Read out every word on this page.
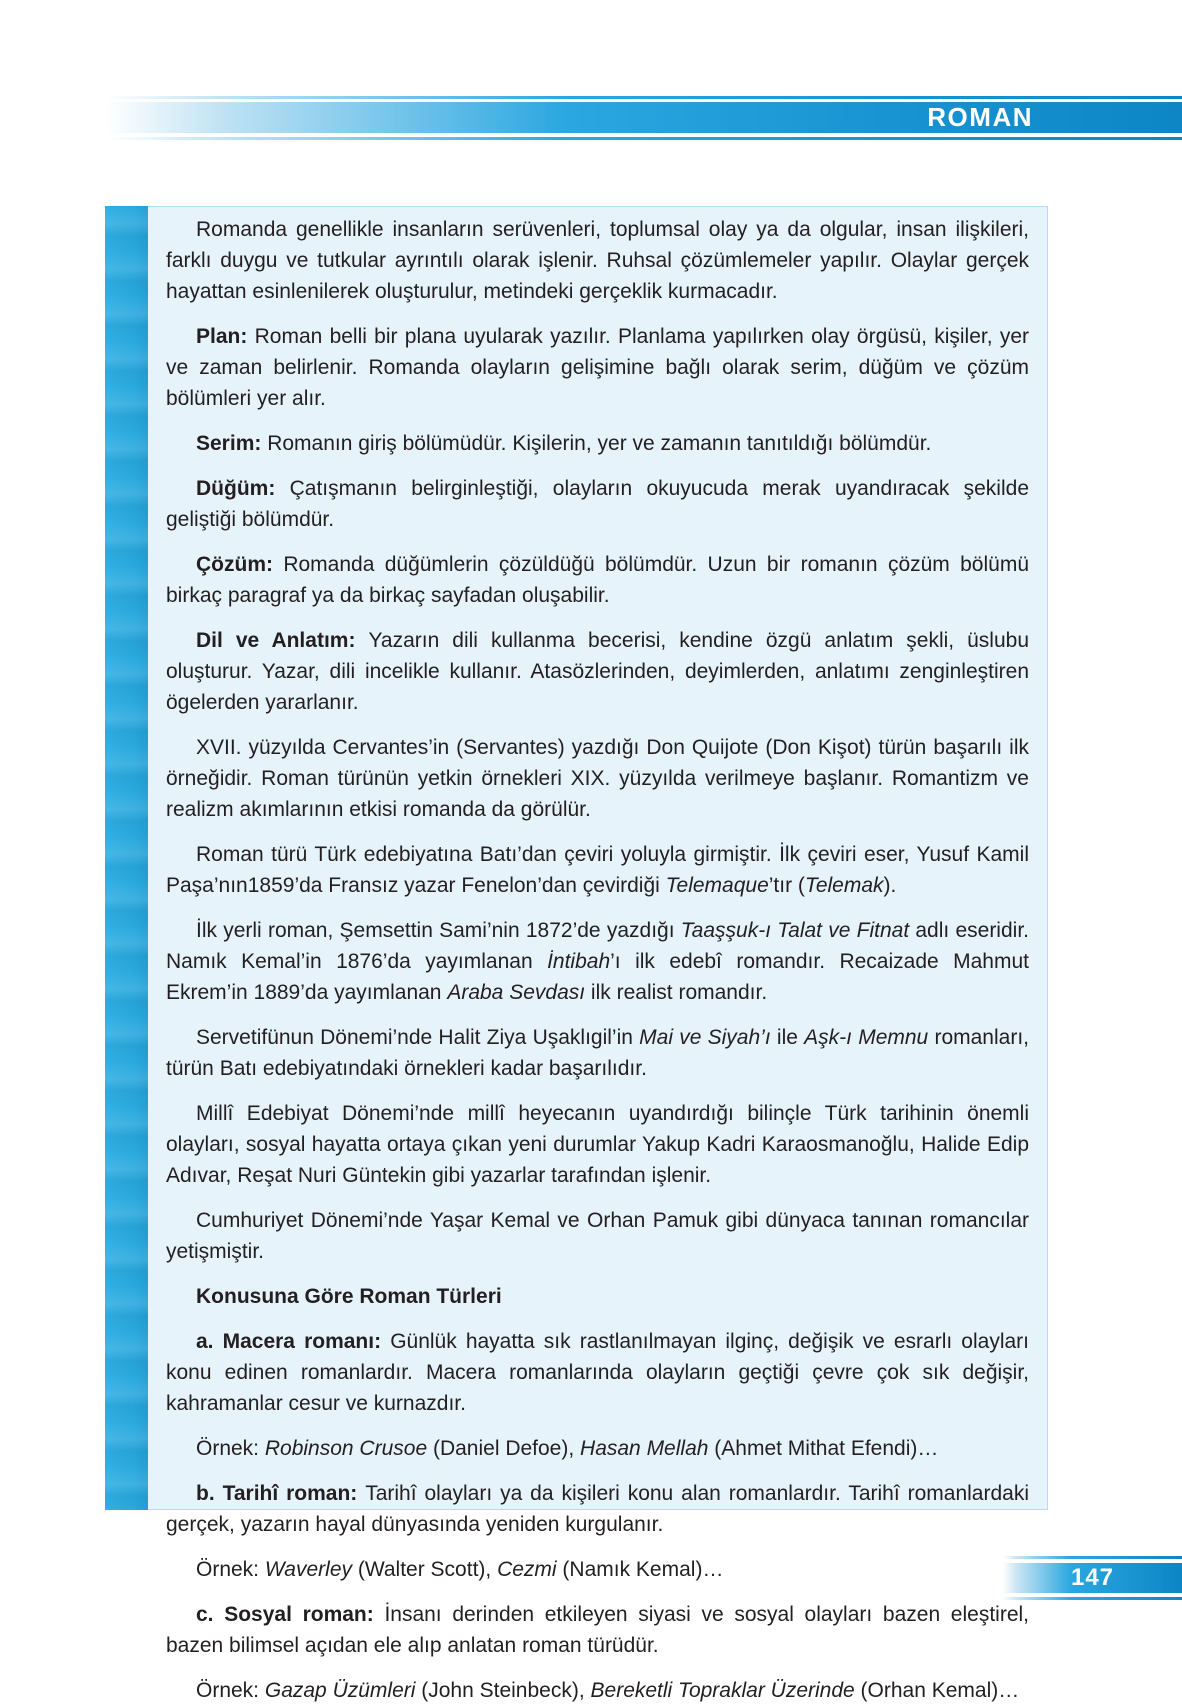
ROMAN

Romanda genellikle insanların serüvenleri, toplumsal olay ya da olgular, insan ilişkileri, farklı duygu ve tutkular ayrıntılı olarak işlenir. Ruhsal çözümlemeler yapılır. Olaylar gerçek hayattan esinlenilerek oluşturulur, metindeki gerçeklik kurmacadır.

Plan: Roman belli bir plana uyularak yazılır. Planlama yapılırken olay örgüsü, kişiler, yer ve zaman belirlenir. Romanda olayların gelişimine bağlı olarak serim, düğüm ve çözüm bölümleri yer alır.

Serim: Romanın giriş bölümüdür. Kişilerin, yer ve zamanın tanıtıldığı bölümdür.

Düğüm: Çatışmanın belirginleştiği, olayların okuyucuda merak uyandıracak şekilde geliştiği bölümdür.

Çözüm: Romanda düğümlerin çözüldüğü bölümdür. Uzun bir romanın çözüm bölümü birkaç paragraf ya da birkaç sayfadan oluşabilir.

Dil ve Anlatım: Yazarın dili kullanma becerisi, kendine özgü anlatım şekli, üslubu oluşturur. Yazar, dili incelikle kullanır. Atasözlerinden, deyimlerden, anlatımı zenginleştiren ögelerden yararlanır.

XVII. yüzyılda Cervantes’in (Servantes) yazdığı Don Quijote (Don Kişot) türün başarılı ilk örneğidir. Roman türünün yetkin örnekleri XIX. yüzyılda verilmeye başlanır. Romantizm ve realizm akımlarının etkisi romanda da görülür.

Roman türü Türk edebiyatına Batı’dan çeviri yoluyla girmiştir. İlk çeviri eser, Yusuf Kamil Paşa’nın1859’da Fransız yazar Fenelon’dan çevirdiği Telemaque’tır (Telemak).

İlk yerli roman, Şemsettin Sami’nin 1872’de yazdığı Taaşşuk-ı Talat ve Fitnat adlı eseridir. Namık Kemal’in 1876’da yayımlanan İntibah’ı ilk edebî romandır. Recaizade Mahmut Ekrem’in 1889’da yayımlanan Araba Sevdası ilk realist romandır.

Servetifünun Dönemi’nde Halit Ziya Uşaklıgil’in Mai ve Siyah’ı ile Aşk-ı Memnu romanları, türün Batı edebiyatındaki örnekleri kadar başarılıdır.

Millî Edebiyat Dönemi’nde millî heyecanın uyandırdığı bilinçle Türk tarihinin önemli olayları, sosyal hayatta ortaya çıkan yeni durumlar Yakup Kadri Karaosmanoğlu, Halide Edip Adıvar, Reşat Nuri Güntekin gibi yazarlar tarafından işlenir.

Cumhuriyet Dönemi’nde Yaşar Kemal ve Orhan Pamuk gibi dünyaca tanınan romancılar yetişmiştir.

Konusuna Göre Roman Türleri

a. Macera romanı: Günlük hayatta sık rastlanılmayan ilginç, değişik ve esrarlı olayları konu edinen romanlardır. Macera romanlarında olayların geçtiği çevre çok sık değişir, kahramanlar cesur ve kurnazdır.

Örnek: Robinson Crusoe (Daniel Defoe), Hasan Mellah (Ahmet Mithat Efendi)…

b. Tarihî roman: Tarihî olayları ya da kişileri konu alan romanlardır. Tarihî romanlardaki gerçek, yazarın hayal dünyasında yeniden kurgulanır.

Örnek: Waverley (Walter Scott), Cezmi (Namık Kemal)…

c. Sosyal roman: İnsanı derinden etkileyen siyasi ve sosyal olayları bazen eleştirel, bazen bilimsel açıdan ele alıp anlatan roman türüdür.

Örnek: Gazap Üzümleri (John Steinbeck), Bereketli Topraklar Üzerinde (Orhan Kemal)…

147
